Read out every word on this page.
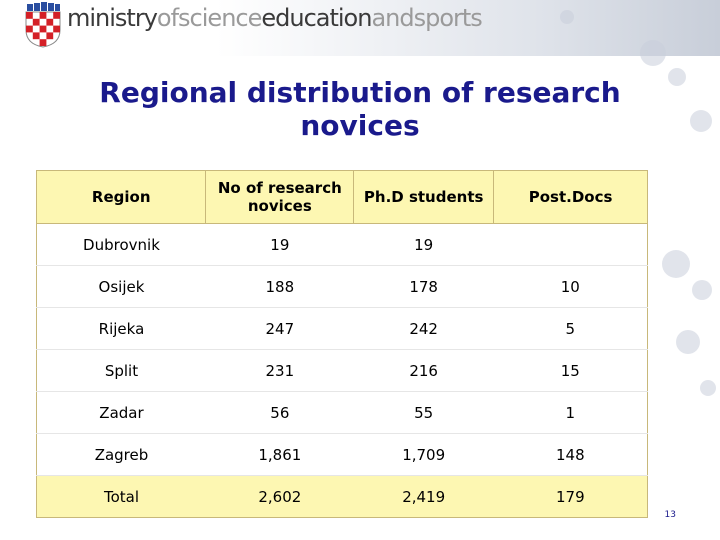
ministryofscienceeducationandsports
Regional distribution of research novices
Region	No of research novices	Ph.D students	Post.Docs
Dubrovnik	19	19	
Osijek	188	178	10
Rijeka	247	242	5
Split	231	216	15
Zadar	56	55	1
Zagreb	1,861	1,709	148
Total	2,602	2,419	179
13
